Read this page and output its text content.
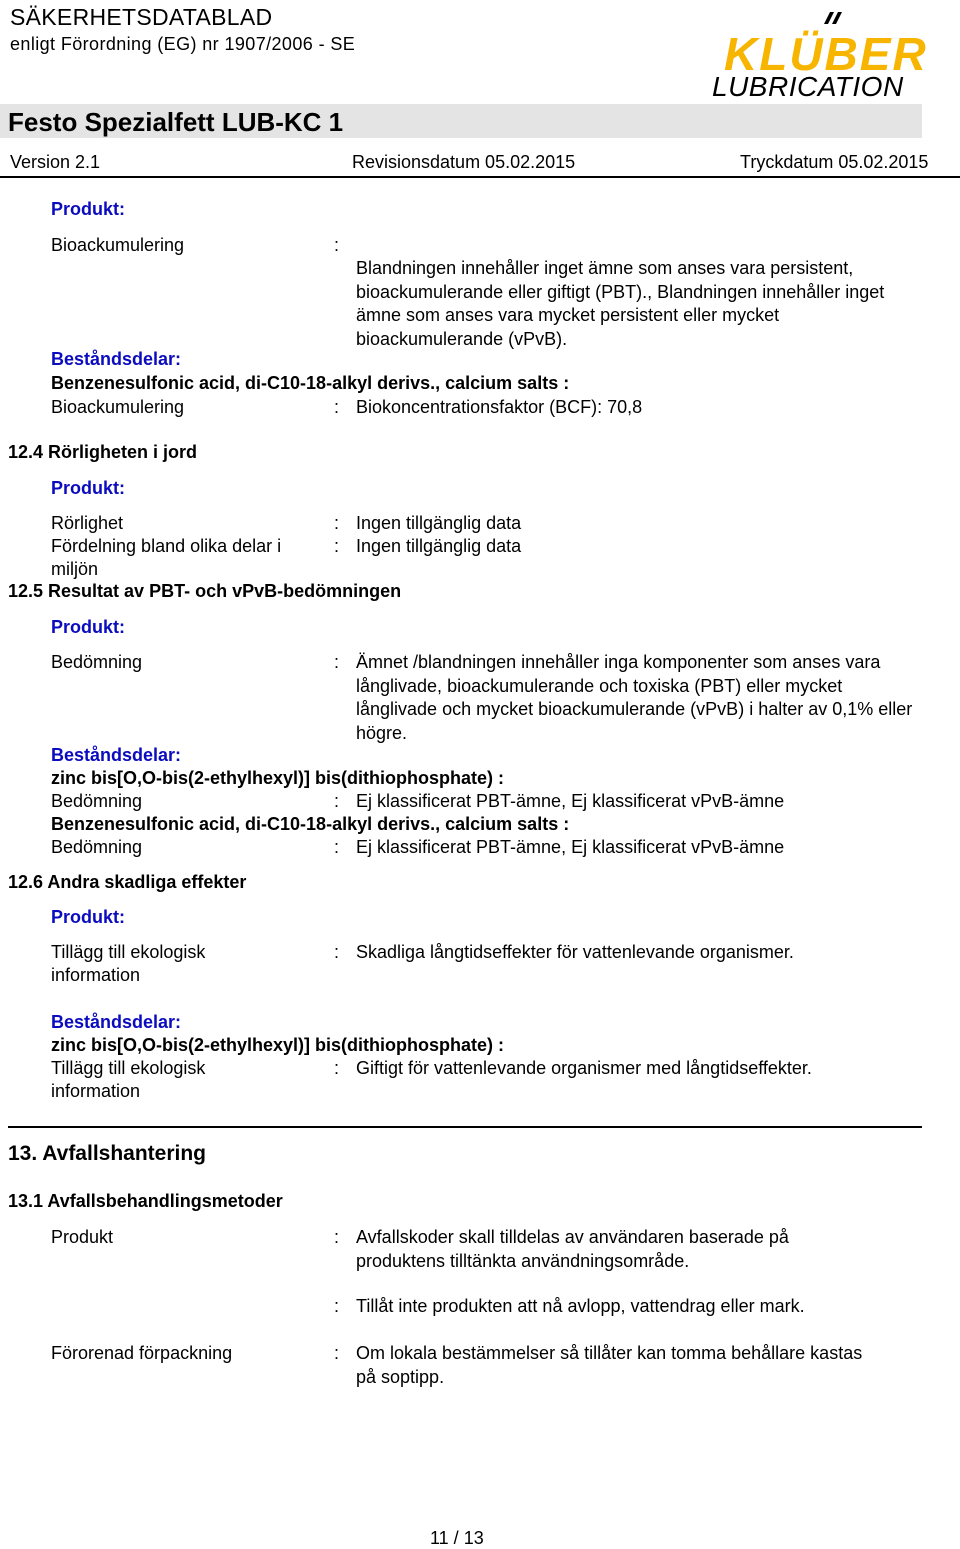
SÄKERHETSDATABLAD
enligt Förordning (EG) nr 1907/2006 - SE	KLÜBER
LUBRICATION
Festo Spezialfett LUB-KC 1
Version 2.1	Revisionsdatum 05.02.2015	Tryckdatum 05.02.2015
Produkt:
Bioackumulering	:
Blandningen innehåller inget ämne som anses vara persistent, bioackumulerande eller giftigt (PBT)., Blandningen innehåller inget ämne som anses vara mycket persistent eller mycket bioackumulerande (vPvB).
Beståndsdelar:
Benzenesulfonic acid, di-C10-18-alkyl derivs., calcium salts :
Bioackumulering	: Biokoncentrationsfaktor (BCF): 70,8
12.4 Rörligheten i jord
Produkt:
Rörlighet	: Ingen tillgänglig data
Fördelning bland olika delar i miljön
: Ingen tillgänglig data
12.5 Resultat av PBT- och vPvB-bedömningen
Produkt:
Bedömning	: Ämnet /blandningen innehåller inga komponenter som anses vara långlivade, bioackumulerande och toxiska (PBT) eller mycket långlivade och mycket bioackumulerande (vPvB) i halter av 0,1% eller högre.
Beståndsdelar:
zinc bis[O,O-bis(2-ethylhexyl)] bis(dithiophosphate) :
Bedömning	: Ej klassificerat PBT-ämne, Ej klassificerat vPvB-ämne
Benzenesulfonic acid, di-C10-18-alkyl derivs., calcium salts :
Bedömning	: Ej klassificerat PBT-ämne, Ej klassificerat vPvB-ämne
12.6 Andra skadliga effekter
Produkt:
Tillägg till ekologisk information
: Skadliga långtidseffekter för vattenlevande organismer.
Beståndsdelar:
zinc bis[O,O-bis(2-ethylhexyl)] bis(dithiophosphate) :
Tillägg till ekologisk information
: Giftigt för vattenlevande organismer med långtidseffekter.
13. Avfallshantering
13.1 Avfallsbehandlingsmetoder
Produkt	: Avfallskoder skall tilldelas av användaren baserade på produktens tilltänkta användningsområde.
: Tillåt inte produkten att nå avlopp, vattendrag eller mark.
Förorenad förpackning	: Om lokala bestämmelser så tillåter kan tomma behållare kastas på soptipp.
11 / 13
